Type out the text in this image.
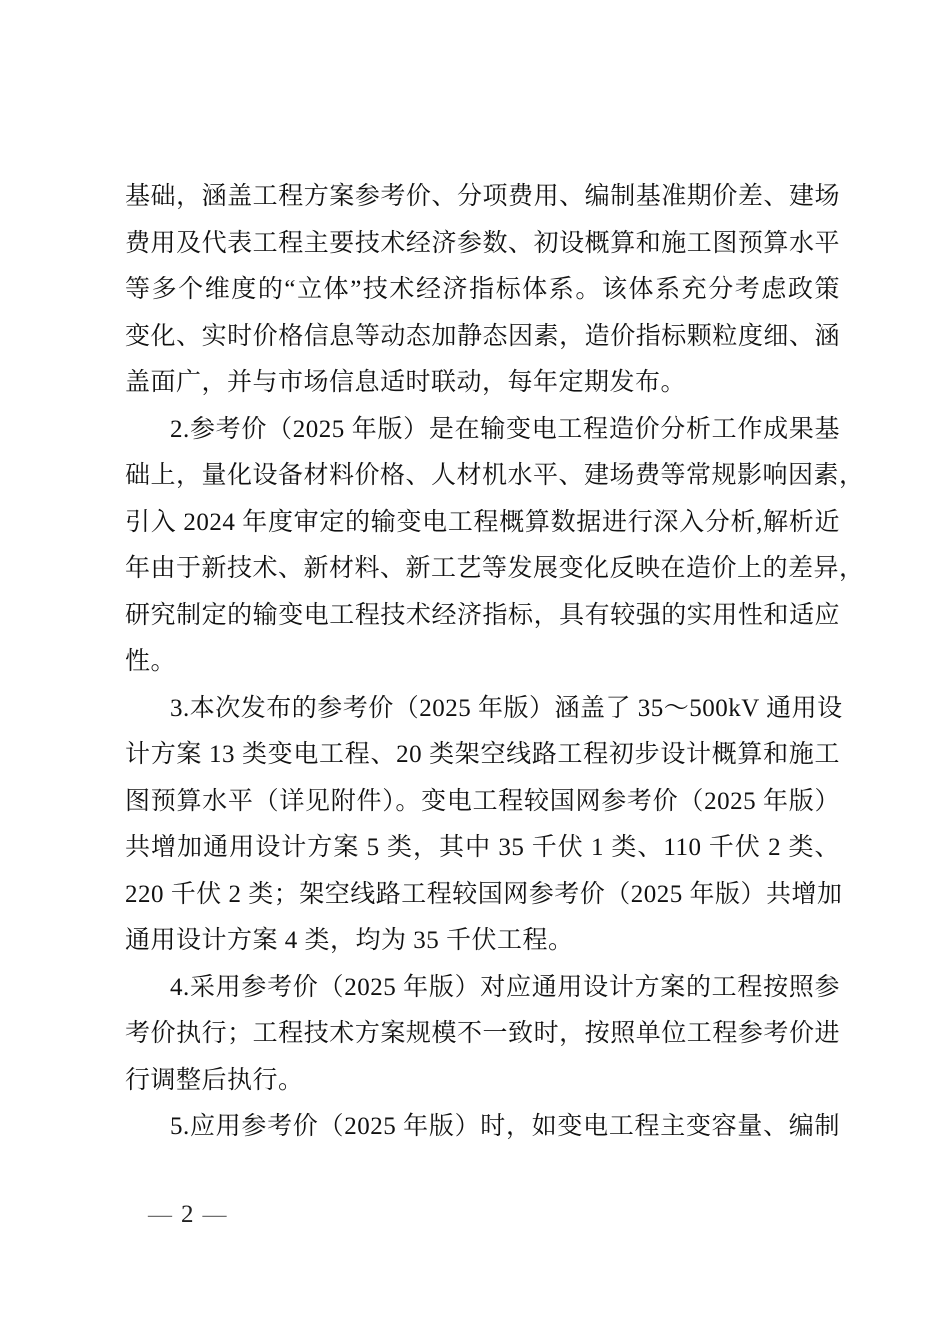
基础，涵盖工程方案参考价、分项费用、编制基准期价差、建场
费用及代表工程主要技术经济参数、初设概算和施工图预算水平
等多个维度的“立体”技术经济指标体系。该体系充分考虑政策
变化、实时价格信息等动态加静态因素，造价指标颗粒度细、涵
盖面广，并与市场信息适时联动，每年定期发布。
2.参考价（2025 年版）是在输变电工程造价分析工作成果基
础上，量化设备材料价格、人材机水平、建场费等常规影响因素，
引入 2024 年度审定的输变电工程概算数据进行深入分析,解析近
年由于新技术、新材料、新工艺等发展变化反映在造价上的差异，
研究制定的输变电工程技术经济指标，具有较强的实用性和适应
性。
3.本次发布的参考价（2025 年版）涵盖了 35～500kV 通用设
计方案 13 类变电工程、20 类架空线路工程初步设计概算和施工
图预算水平（详见附件）。变电工程较国网参考价（2025 年版）
共增加通用设计方案 5 类，其中 35 千伏 1 类、110 千伏 2 类、
220 千伏 2 类；架空线路工程较国网参考价（2025 年版）共增加
通用设计方案 4 类，均为 35 千伏工程。
4.采用参考价（2025 年版）对应通用设计方案的工程按照参
考价执行；工程技术方案规模不一致时，按照单位工程参考价进
行调整后执行。
5.应用参考价（2025 年版）时，如变电工程主变容量、编制
— 2 —
